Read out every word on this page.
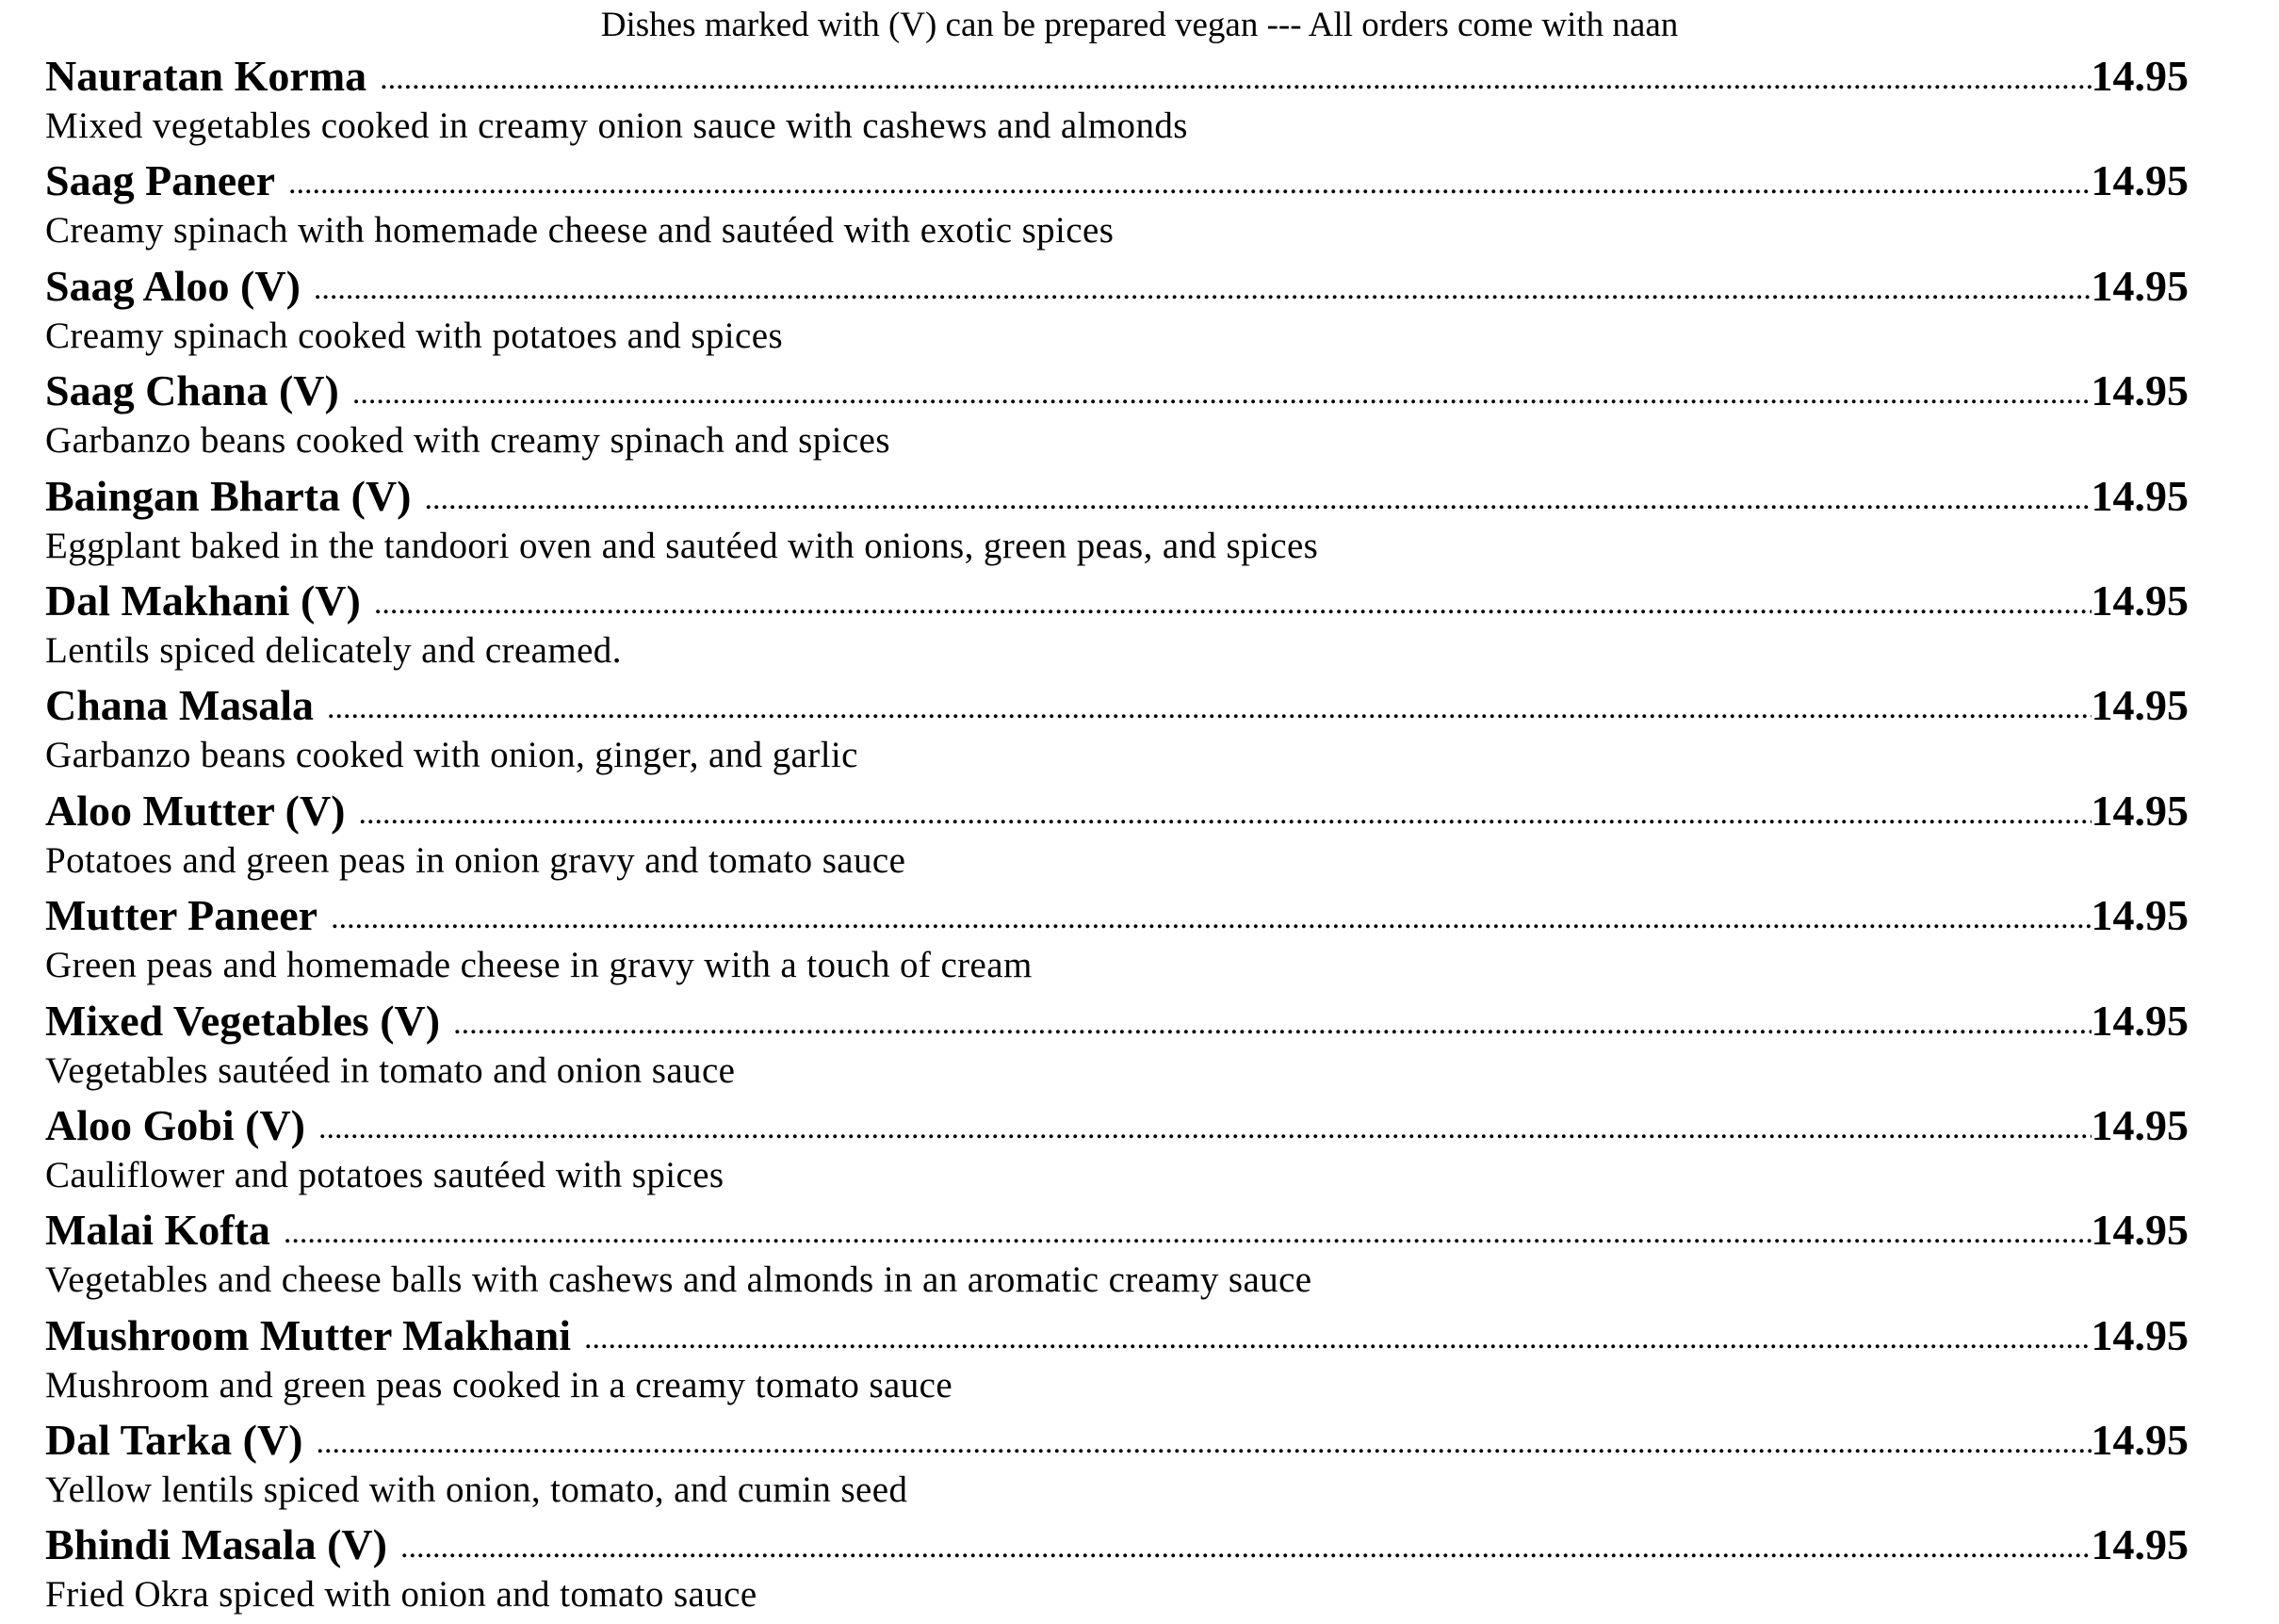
Dishes marked with (V) can be prepared vegan --- All orders come with naan
Nauratan Korma .....	14.95
Mixed vegetables cooked in creamy onion sauce with cashews and almonds
Saag Paneer .....	14.95
Creamy spinach with homemade cheese and sautéed with exotic spices
Saag Aloo (V) .....	14.95
Creamy spinach cooked with potatoes and spices
Saag Chana (V) .....	14.95
Garbanzo beans cooked with creamy spinach and spices
Baingan Bharta (V) .....	14.95
Eggplant baked in the tandoori oven and sautéed with onions, green peas, and spices
Dal Makhani (V) .....	14.95
Lentils spiced delicately and creamed.
Chana Masala .....	14.95
Garbanzo beans cooked with onion, ginger, and garlic
Aloo Mutter (V) .....	14.95
Potatoes and green peas in onion gravy and tomato sauce
Mutter Paneer .....	14.95
Green peas and homemade cheese in gravy with a touch of cream
Mixed Vegetables (V) .....	14.95
Vegetables sautéed in tomato and onion sauce
Aloo Gobi (V) .....	14.95
Cauliflower and potatoes sautéed with spices
Malai Kofta .....	14.95
Vegetables and cheese balls with cashews and almonds in an aromatic creamy sauce
Mushroom Mutter Makhani .....	14.95
Mushroom and green peas cooked in a creamy tomato sauce
Dal Tarka (V) .....	14.95
Yellow lentils spiced with onion, tomato, and cumin seed
Bhindi Masala (V) .....	14.95
Fried Okra spiced with onion and tomato sauce
